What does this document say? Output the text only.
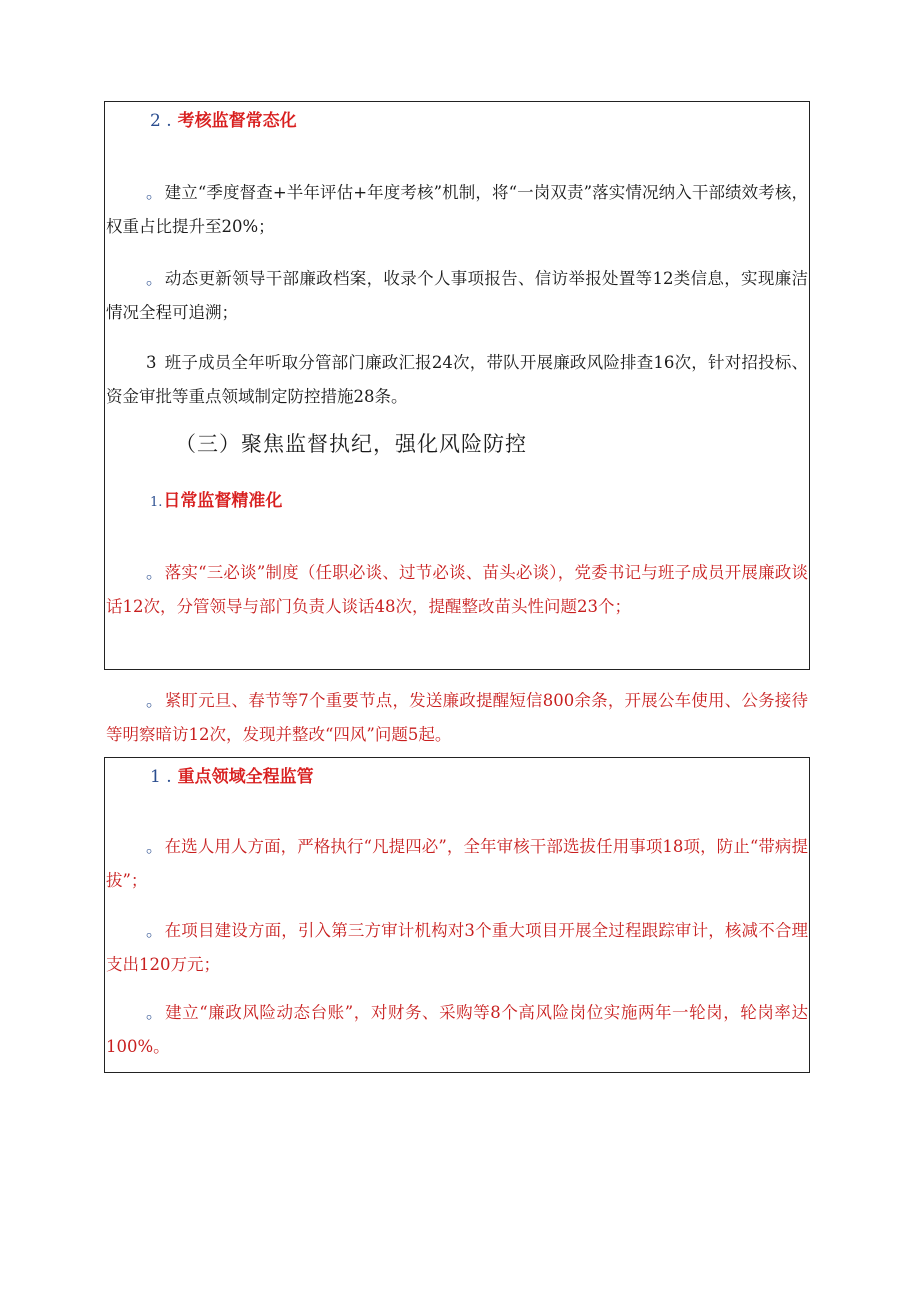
2 . 考核监督常态化

。 建立“季度督查+半年评估+年度考核”机制，将“一岗双责”落实情况纳入干部绩效考核，权重占比提升至20%；

。 动态更新领导干部廉政档案，收录个人事项报告、信访举报处置等12类信息，实现廉洁情况全程可追溯；

3 班子成员全年听取分管部门廉政汇报24次，带队开展廉政风险排查16次，针对招投标、资金审批等重点领域制定防控措施28条。

（三）聚焦监督执纪，强化风险防控
1.日常监督精准化

。 落实“三必谈”制度（任职必谈、过节必谈、苗头必谈），党委书记与班子成员开展廉政谈话12次，分管领导与部门负责人谈话48次，提醒整改苗头性问题23个；

。 紧盯元旦、春节等7个重要节点，发送廉政提醒短信800余条，开展公车使用、公务接待等明察暗访12次，发现并整改“四风”问题5起。

1 . 重点领域全程监管

。 在选人用人方面，严格执行“凡提四必”，全年审核干部选拔任用事项18项，防止“带病提拔”；

。 在项目建设方面，引入第三方审计机构对3个重大项目开展全过程跟踪审计，核减不合理支出120万元；

。 建立“廉政风险动态台账”，对财务、采购等8个高风险岗位实施两年一轮岗，轮岗率达100%。
